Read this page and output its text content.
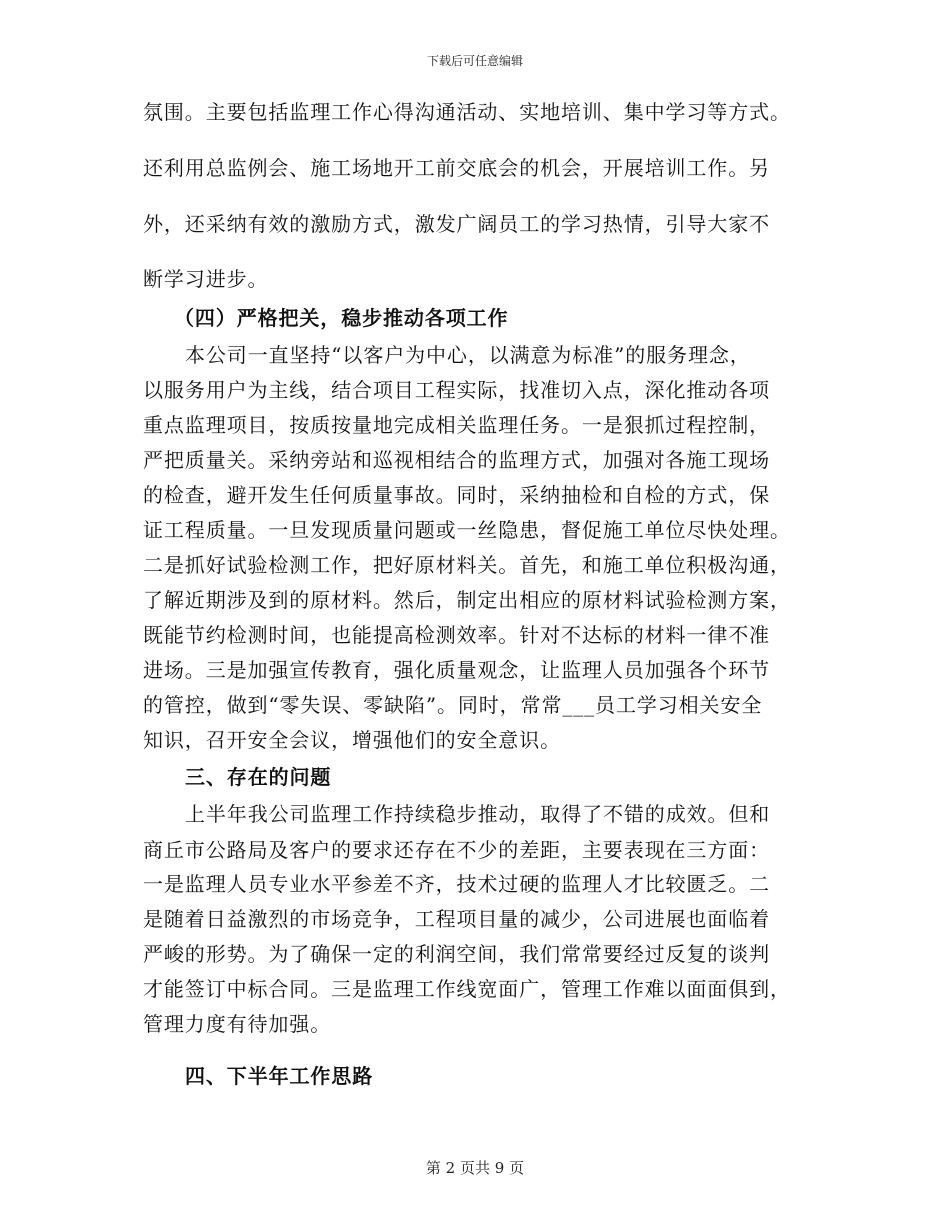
下载后可任意编辑
氛围。主要包括监理工作心得沟通活动、实地培训、集中学习等方式。
还利用总监例会、施工场地开工前交底会的机会，开展培训工作。另
外，还采纳有效的激励方式，激发广阔员工的学习热情，引导大家不
断学习进步。
（四）严格把关，稳步推动各项工作
本公司一直坚持“以客户为中心，以满意为标准”的服务理念，
以服务用户为主线，结合项目工程实际，找准切入点，深化推动各项
重点监理项目，按质按量地完成相关监理任务。一是狠抓过程控制，
严把质量关。采纳旁站和巡视相结合的监理方式，加强对各施工现场
的检查，避开发生任何质量事故。同时，采纳抽检和自检的方式，保
证工程质量。一旦发现质量问题或一丝隐患，督促施工单位尽快处理。
二是抓好试验检测工作，把好原材料关。首先，和施工单位积极沟通，
了解近期涉及到的原材料。然后，制定出相应的原材料试验检测方案，
既能节约检测时间，也能提高检测效率。针对不达标的材料一律不准
进场。三是加强宣传教育，强化质量观念，让监理人员加强各个环节
的管控，做到“零失误、零缺陷”。同时，常常___员工学习相关安全
知识，召开安全会议，增强他们的安全意识。
三、存在的问题
上半年我公司监理工作持续稳步推动，取得了不错的成效。但和
商丘市公路局及客户的要求还存在不少的差距，主要表现在三方面：
一是监理人员专业水平参差不齐，技术过硬的监理人才比较匮乏。二
是随着日益激烈的市场竞争，工程项目量的减少，公司进展也面临着
严峻的形势。为了确保一定的利润空间，我们常常要经过反复的谈判
才能签订中标合同。三是监理工作线宽面广，管理工作难以面面俱到，
管理力度有待加强。
四、下半年工作思路
第 2 页共 9 页
